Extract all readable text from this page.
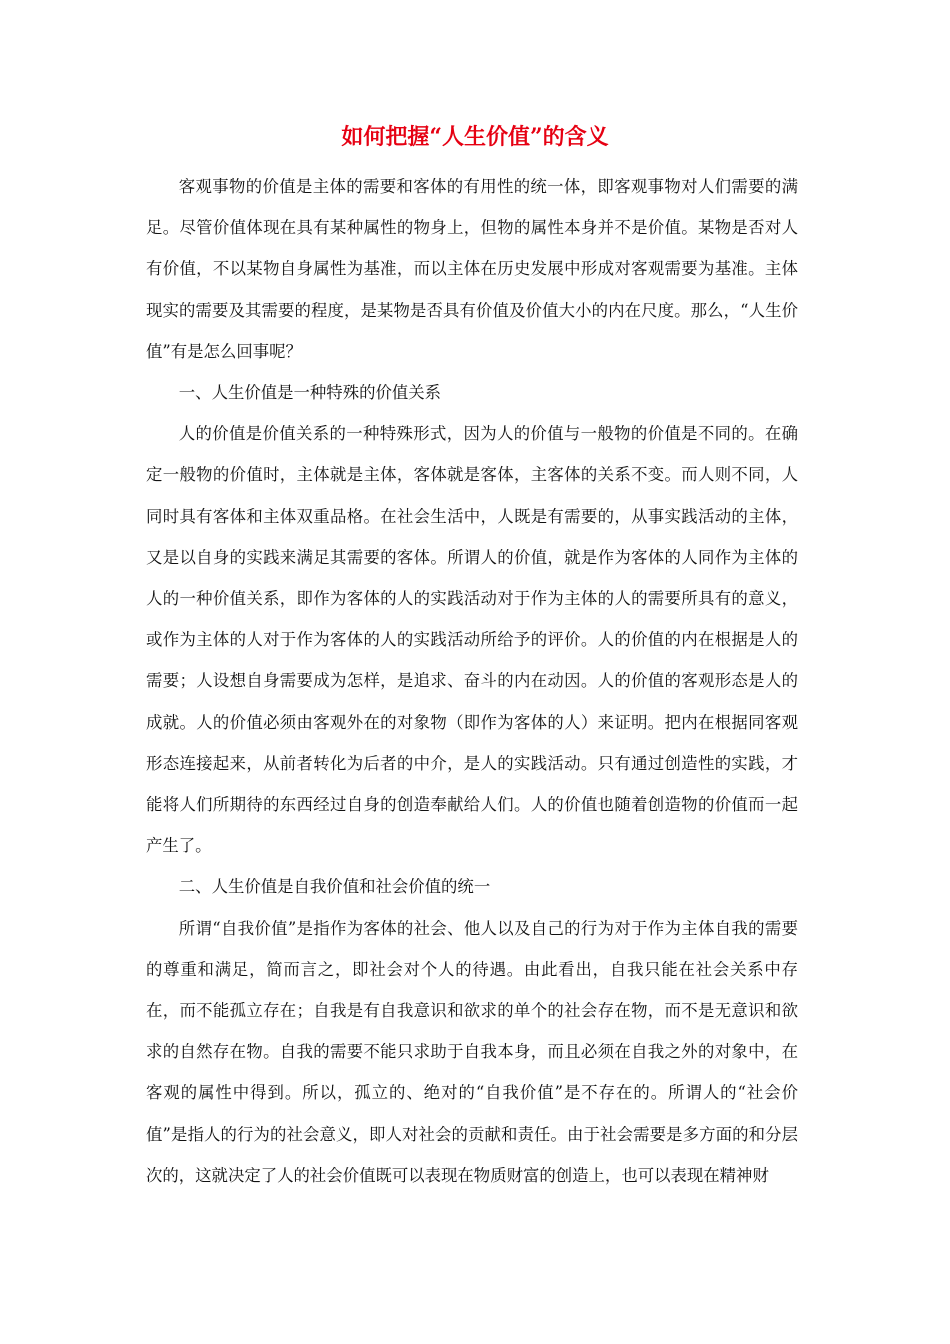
如何把握“人生价值”的含义

客观事物的价值是主体的需要和客体的有用性的统一体，即客观事物对人们需要的满足。尽管价值体现在具有某种属性的物身上，但物的属性本身并不是价值。某物是否对人有价值，不以某物自身属性为基准，而以主体在历史发展中形成对客观需要为基准。主体现实的需要及其需要的程度，是某物是否具有价值及价值大小的内在尺度。那么，“人生价值”有是怎么回事呢？

一、人生价值是一种特殊的价值关系

人的价值是价值关系的一种特殊形式，因为人的价值与一般物的价值是不同的。在确定一般物的价值时，主体就是主体，客体就是客体，主客体的关系不变。而人则不同，人同时具有客体和主体双重品格。在社会生活中，人既是有需要的，从事实践活动的主体，又是以自身的实践来满足其需要的客体。所谓人的价值，就是作为客体的人同作为主体的人的一种价值关系，即作为客体的人的实践活动对于作为主体的人的需要所具有的意义，或作为主体的人对于作为客体的人的实践活动所给予的评价。人的价值的内在根据是人的需要；人设想自身需要成为怎样，是追求、奋斗的内在动因。人的价值的客观形态是人的成就。人的价值必须由客观外在的对象物（即作为客体的人）来证明。把内在根据同客观形态连接起来，从前者转化为后者的中介，是人的实践活动。只有通过创造性的实践，才能将人们所期待的东西经过自身的创造奉献给人们。人的价值也随着创造物的价值而一起产生了。

二、人生价值是自我价值和社会价值的统一

所谓“自我价值”是指作为客体的社会、他人以及自己的行为对于作为主体自我的需要的尊重和满足，简而言之，即社会对个人的待遇。由此看出，自我只能在社会关系中存在，而不能孤立存在；自我是有自我意识和欲求的单个的社会存在物，而不是无意识和欲求的自然存在物。自我的需要不能只求助于自我本身，而且必须在自我之外的对象中，在客观的属性中得到。所以，孤立的、绝对的“自我价值”是不存在的。所谓人的“社会价值”是指人的行为的社会意义，即人对社会的贡献和责任。由于社会需要是多方面的和分层次的，这就决定了人的社会价值既可以表现在物质财富的创造上，也可以表现在精神财
